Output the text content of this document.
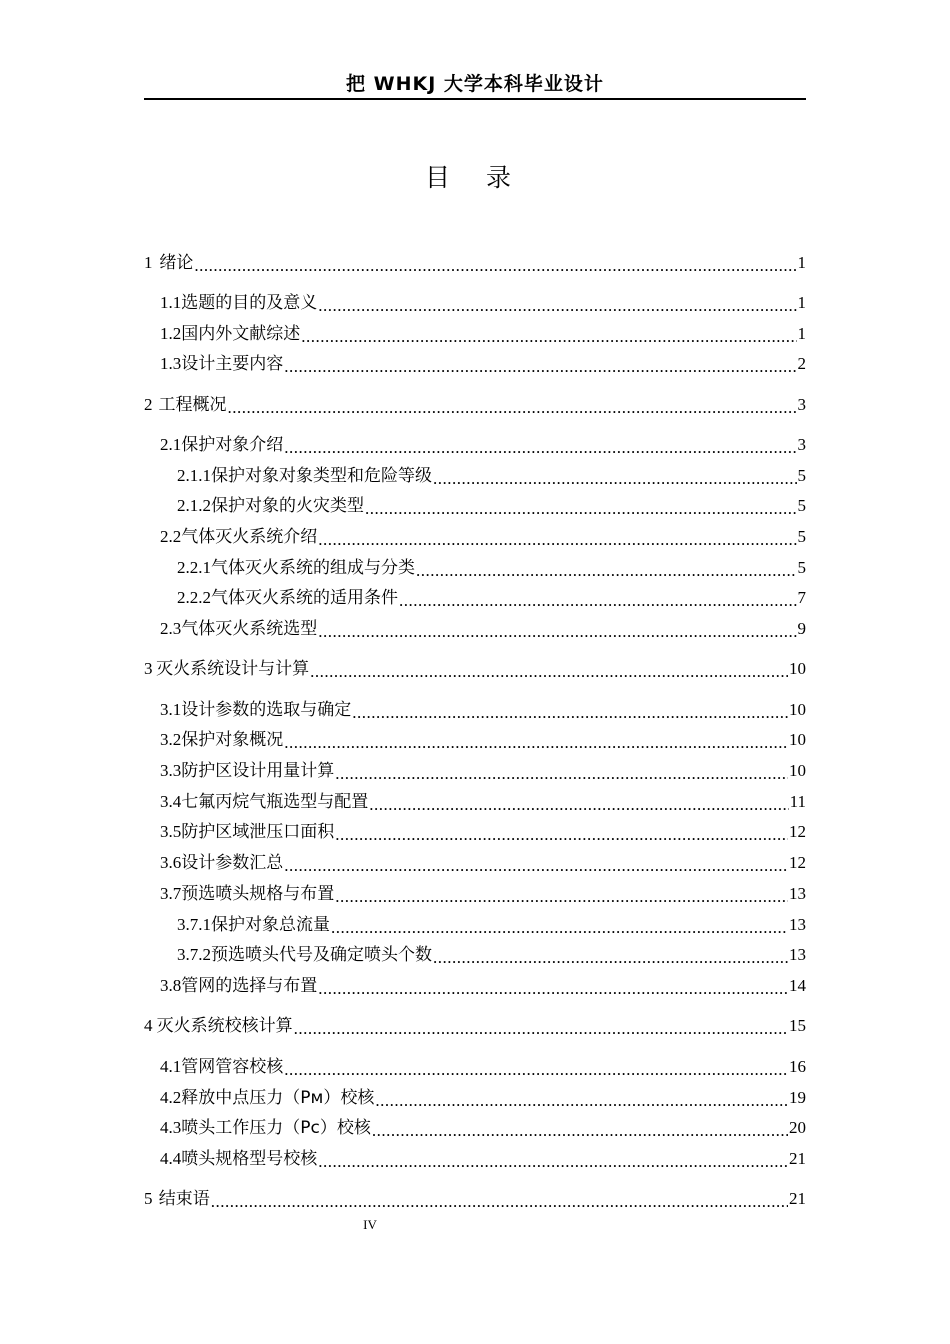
把 WHKJ 大学本科毕业设计
目 录
1 绪论 .....	1
1.1 选题的目的及意义 .....	1
1.2 国内外文献综述 .....	1
1.3 设计主要内容 .....	2
2 工程概况 .....	3
2.1 保护对象介绍 .....	3
2.1.1 保护对象对象类型和危险等级 .....	5
2.1.2 保护对象的火灾类型 .....	5
2.2 气体灭火系统介绍 .....	5
2.2.1 气体灭火系统的组成与分类 .....	5
2.2.2 气体灭火系统的适用条件 .....	7
2.3 气体灭火系统选型 .....	9
3 灭火系统设计与计算 .....	10
3.1 设计参数的选取与确定 .....	10
3.2 保护对象概况 .....	10
3.3 防护区设计用量计算 .....	10
3.4 七氟丙烷气瓶选型与配置 .....	11
3.5 防护区域泄压口面积 .....	12
3.6 设计参数汇总 .....	12
3.7 预选喷头规格与布置 .....	13
3.7.1 保护对象总流量 .....	13
3.7.2 预选喷头代号及确定喷头个数 .....	13
3.8 管网的选择与布置 .....	14
4 灭火系统校核计算 .....	15
4.1 管网管容校核 .....	16
4.2 释放中点压力（Pм）校核 .....	19
4.3 喷头工作压力（Pc）校核 .....	20
4.4 喷头规格型号校核 .....	21
5 结束语 .....	21
IV
